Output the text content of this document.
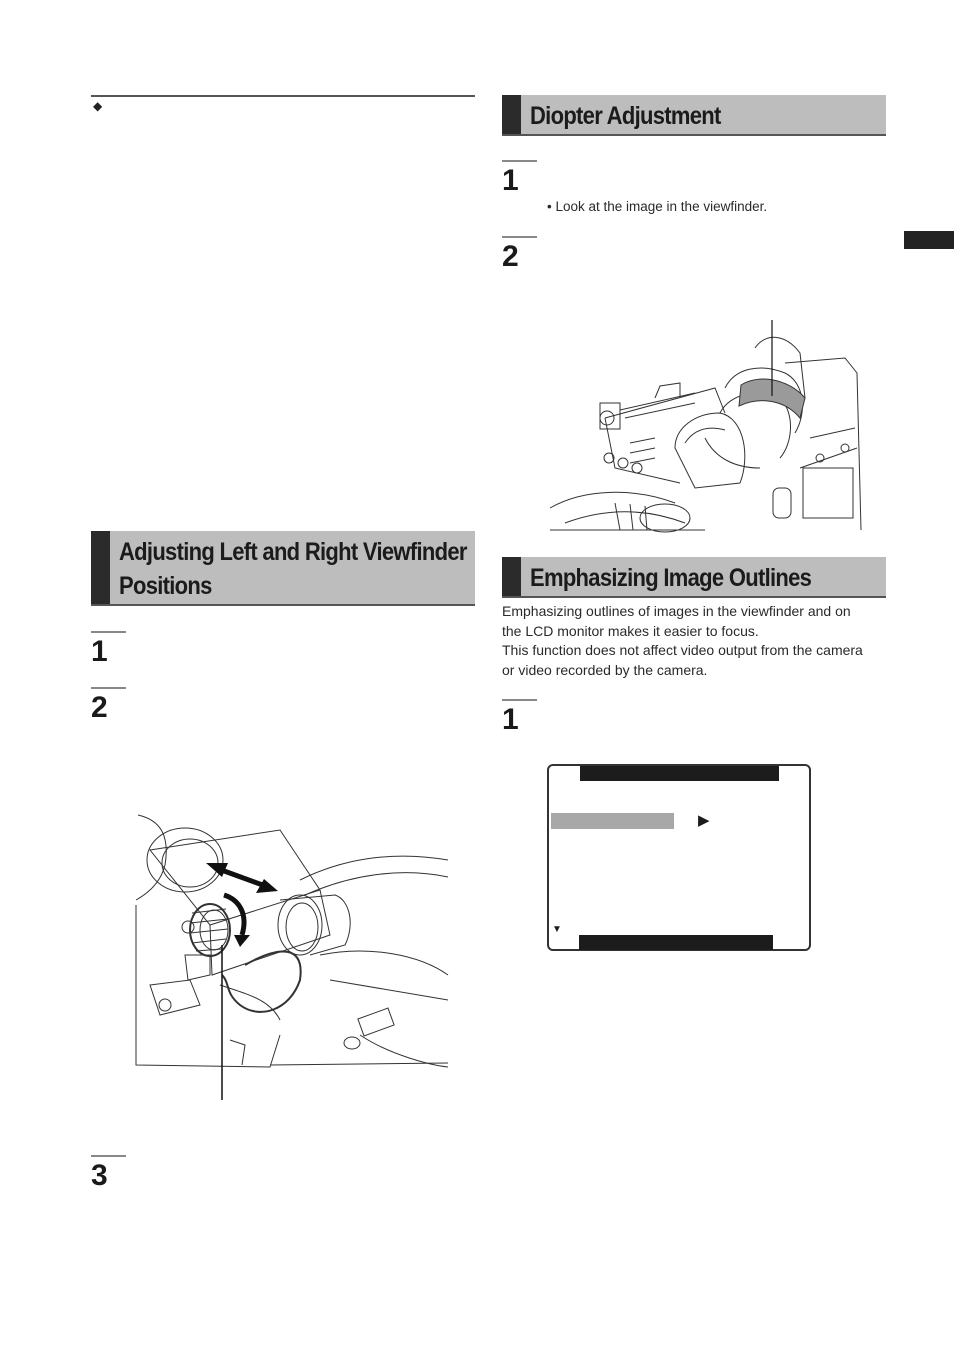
◆
Adjusting Left and Right Viewfinder
Positions
1
2
3
Diopter Adjustment
1
• Look at the image in the viewfinder.
2
Emphasizing Image Outlines
Emphasizing outlines of images in the viewfinder and on
the LCD monitor makes it easier to focus.
This function does not affect video output from the camera
or video recorded by the camera.
1
▶
▼
